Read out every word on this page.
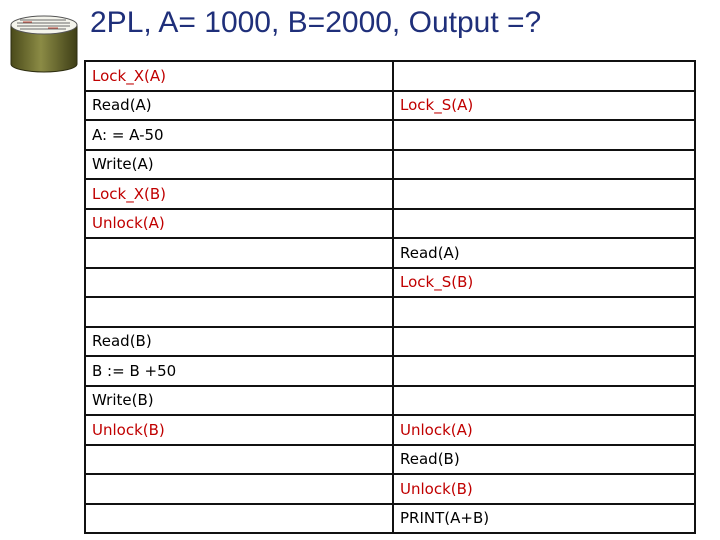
2PL, A= 1000, B=2000, Output =?
Lock_X(A)	
Read(A)	Lock_S(A)
A: = A-50	
Write(A)	
Lock_X(B)	
Unlock(A)	
	Read(A)
	Lock_S(B)

Read(B)	
B := B +50	
Write(B)	
Unlock(B)	Unlock(A)
	Read(B)
	Unlock(B)
	PRINT(A+B)
